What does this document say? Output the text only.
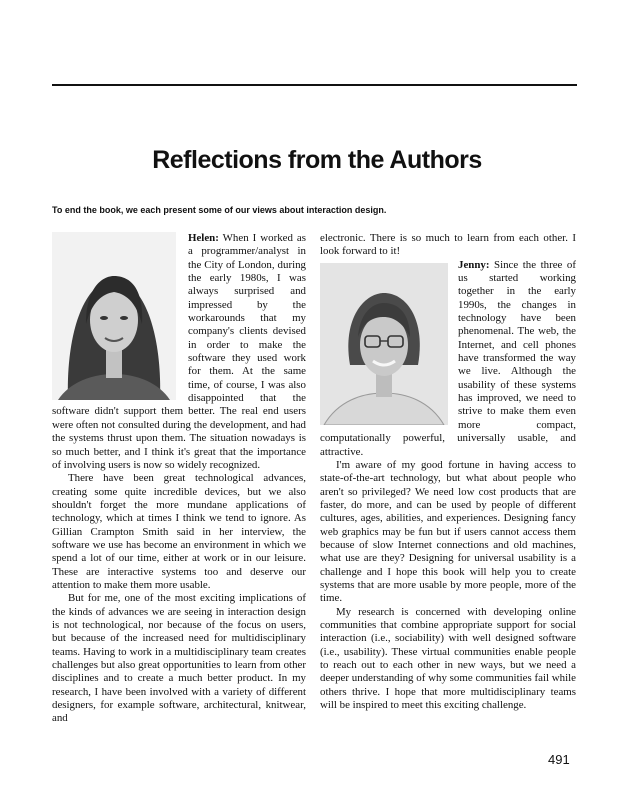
Reflections from the Authors
To end the book, we each present some of our views about interaction design.

Helen: When I worked as a programmer/analyst in the City of London, during the early 1980s, I was always surprised and impressed by the workarounds that my company's clients devised in order to make the software they used work for them. At the same time, of course, I was also disappointed that the software didn't support them better. The real end users were often not consulted during the development, and had the systems thrust upon them. The situation nowadays is so much better, and I think it's great that the importance of involving users is now so widely recognized.

There have been great technological advances, creating some quite incredible devices, but we also shouldn't forget the more mundane applications of technology, which at times I think we tend to ignore. As Gillian Crampton Smith said in her interview, the software we use has become an environment in which we spend a lot of our time, either at work or in our leisure. These are interactive systems too and deserve our attention to make them more usable.

But for me, one of the most exciting implications of the kinds of advances we are seeing in interaction design is not technological, nor because of the focus on users, but because of the increased need for multidisciplinary teams. Having to work in a multidisciplinary team creates challenges but also great opportunities to learn from other disciplines and to create a much better product. In my research, I have been involved with a variety of different designers, for example software, architectural, knitwear, and

electronic. There is so much to learn from each other. I look forward to it!

Jenny: Since the three of us started working together in the early 1990s, the changes in technology have been phenomenal. The web, the Internet, and cell phones have transformed the way we live. Although the usability of these systems has improved, we need to strive to make them even more compact, computationally powerful, universally usable, and attractive.

I'm aware of my good fortune in having access to state-of-the-art technology, but what about people who aren't so privileged? We need low cost products that are faster, do more, and can be used by people of different cultures, ages, abilities, and experiences. Designing fancy web graphics may be fun but if users cannot access them because of slow Internet connections and old machines, what use are they? Designing for universal usability is a challenge and I hope this book will help you to create systems that are more usable by more people, more of the time.

My research is concerned with developing online communities that combine appropriate support for social interaction (i.e., sociability) with well designed software (i.e., usability). These virtual communities enable people to reach out to each other in new ways, but we need a deeper understanding of why some communities fail while others thrive. I hope that more multidisciplinary teams will be inspired to meet this exciting challenge.

491
